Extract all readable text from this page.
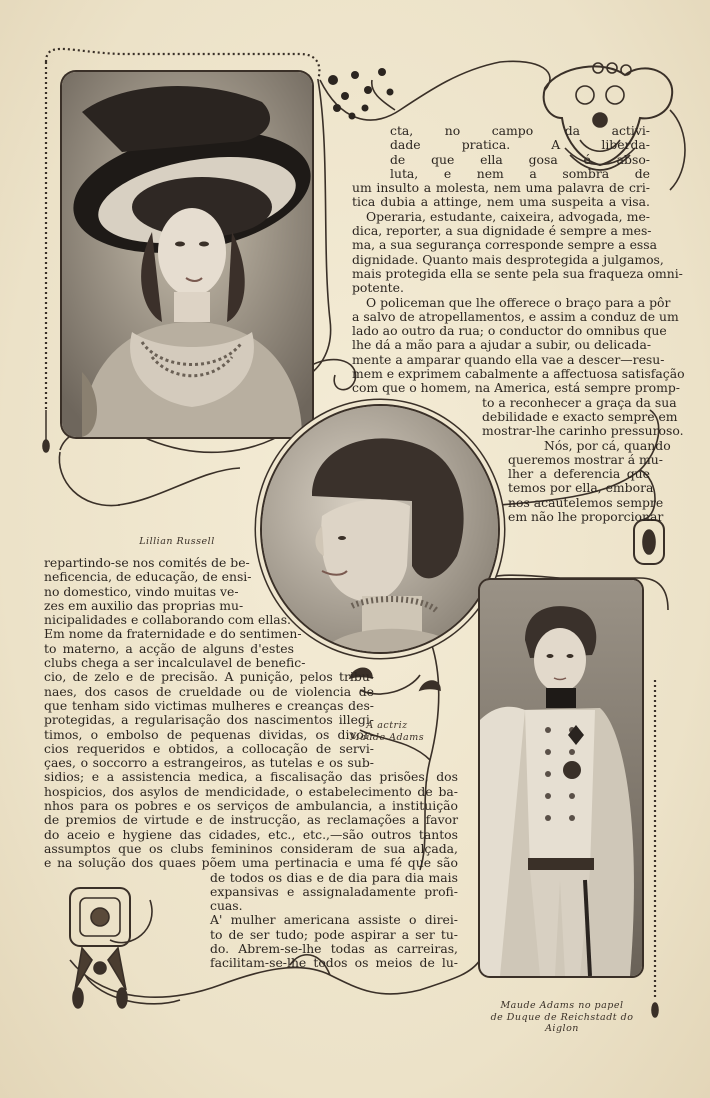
cta, no campo da activi-
dade pratica. A liberda-
de que ella gosa é abso-
luta, e nem a sombra de
um insulto a molesta, nem uma palavra de cri-
tica dubia a attinge, nem uma suspeita a visa.
Operaria, estudante, caixeira, advogada, me-
dica, reporter, a sua dignidade é sempre a mes-
ma, a sua segurança corresponde sempre a essa
dignidade. Quanto mais desprotegida a julgamos,
mais protegida ella se sente pela sua fraqueza omni-
potente.
O policeman que lhe offerece o braço para a pôr
a salvo de atropellamentos, e assim a conduz de um
lado ao outro da rua; o conductor do omnibus que
lhe dá a mão para a ajudar a subir, ou delicada-
mente a amparar quando ella vae a descer—resu-
mem e exprimem cabalmente a affectuosa satisfação
com que o homem, na America, está sempre promp-
to a reconhecer a graça da sua
debilidade e exacto sempre em
mostrar-lhe carinho pressuroso.
Nós, por cá, quando
queremos mostrar á mu-
lher a deferencia que
temos por ella, embora
nos acautelemos sempre
em não lhe proporcionar
repartindo-se nos comités de be-
neficencia, de educação, de ensi-
no domestico, vindo muitas ve-
zes em auxilio das proprias mu-
nicipalidades e collaborando com ellas.
Em nome da fraternidade e do sentimen-
to materno, a acção de alguns d'estes
clubs chega a ser incalculavel de benefic-
cio, de zelo e de precisão. A punição, pelos tribu-
naes, dos casos de crueldade ou de violencia de
que tenham sido victimas mulheres e creanças des-
protegidas, a regularisação dos nascimentos illegi-
timos, o embolso de pequenas dividas, os divor-
cios requeridos e obtidos, a collocação de servi-
çaes, o soccorro a estrangeiros, as tutelas e os sub-
sidios; e a assistencia medica, a fiscalisação das prisões, dos
hospicios, dos asylos de mendicidade, o estabelecimento de ba-
nhos para os pobres e os serviços de ambulancia, a instituição
de premios de virtude e de instrucção, as reclamações a favor
do aceio e hygiene das cidades, etc., etc.,—são outros tantos
assumptos que os clubs femininos consideram de sua alçada,
e na solução dos quaes põem uma pertinacia e uma fé que são
de todos os dias e de dia para dia mais
expansivas e assignaladamente profi-
cuas.
A' mulher americana assiste o direi-
to de ser tudo; pode aspirar a ser tu-
do. Abrem-se-lhe todas as carreiras,
facilitam-se-lhe todos os meios de lu-
Lillian Russell
A actriz
Maude Adams
Maude Adams no papel
de Duque de Reichstadt do
Aiglon
